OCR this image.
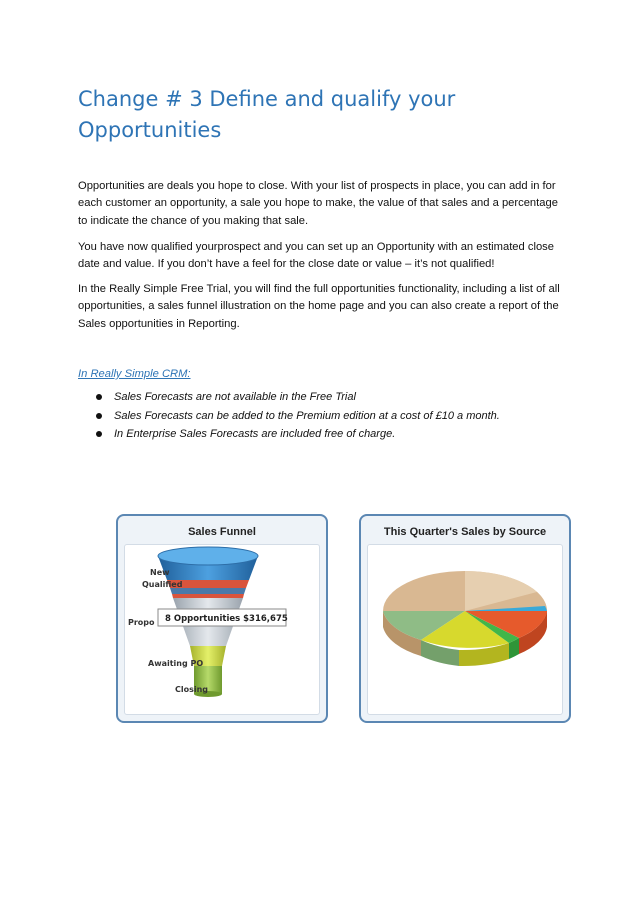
Change # 3 Define and qualify your Opportunities

Opportunities are deals you hope to close. With your list of prospects in place, you can add in for each customer an opportunity, a sale you hope to make, the value of that sales and a percentage to indicate the chance of you making that sale.

You have now qualified yourprospect and you can set up an Opportunity with an estimated close date and value. If you don’t have a feel for the close date or value – it’s not qualified!

In the Really Simple Free Trial, you will find the full opportunities functionality, including a list of all opportunities, a sales funnel illustration on the home page and you can also create a report of the Sales opportunities in Reporting.

In Really Simple CRM:

Sales Forecasts are not available in the Free Trial
Sales Forecasts can be added to the Premium edition at a cost of £10 a month.
In Enterprise Sales Forecasts are included free of charge.
Sales Funnel
New
Qualified
Propo
Awaiting PO
Closing
8 Opportunities $316,675
This Quarter's Sales by Source
